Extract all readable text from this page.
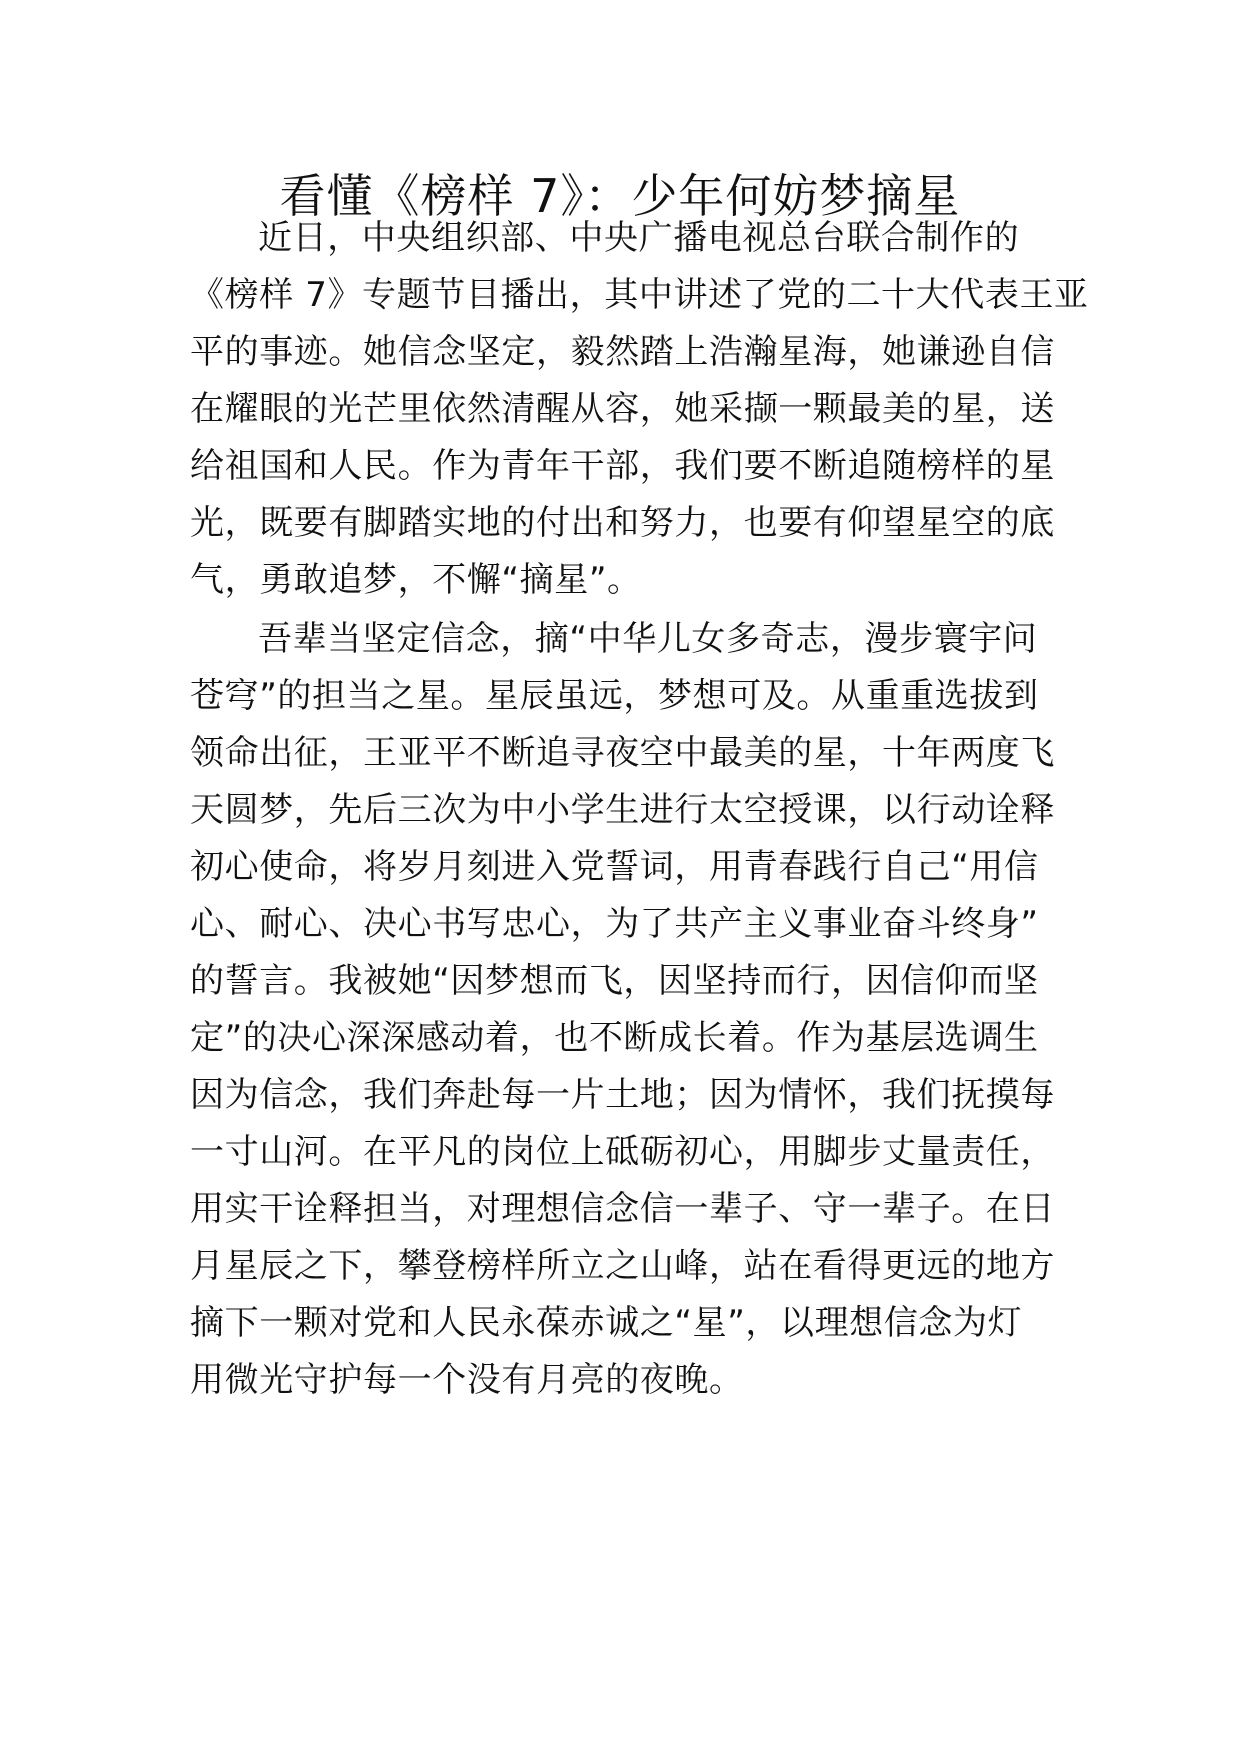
看懂《榜样 7》：少年何妨梦摘星
近日，中央组织部、中央广播电视总台联合制作的
《榜样 7》专题节目播出，其中讲述了党的二十大代表王亚
平的事迹。她信念坚定，毅然踏上浩瀚星海，她谦逊自信
在耀眼的光芒里依然清醒从容，她采撷一颗最美的星，送
给祖国和人民。作为青年干部，我们要不断追随榜样的星
光，既要有脚踏实地的付出和努力，也要有仰望星空的底
气，勇敢追梦，不懈“摘星”。
吾辈当坚定信念，摘“中华儿女多奇志，漫步寰宇问
苍穹”的担当之星。星辰虽远，梦想可及。从重重选拔到
领命出征，王亚平不断追寻夜空中最美的星，十年两度飞
天圆梦，先后三次为中小学生进行太空授课，以行动诠释
初心使命，将岁月刻进入党誓词，用青春践行自己“用信
心、耐心、决心书写忠心，为了共产主义事业奋斗终身”
的誓言。我被她“因梦想而飞，因坚持而行，因信仰而坚
定”的决心深深感动着，也不断成长着。作为基层选调生
因为信念，我们奔赴每一片土地；因为情怀，我们抚摸每
一寸山河。在平凡的岗位上砥砺初心，用脚步丈量责任，
用实干诠释担当，对理想信念信一辈子、守一辈子。在日
月星辰之下，攀登榜样所立之山峰，站在看得更远的地方
摘下一颗对党和人民永葆赤诚之“星”，以理想信念为灯
用微光守护每一个没有月亮的夜晚。
